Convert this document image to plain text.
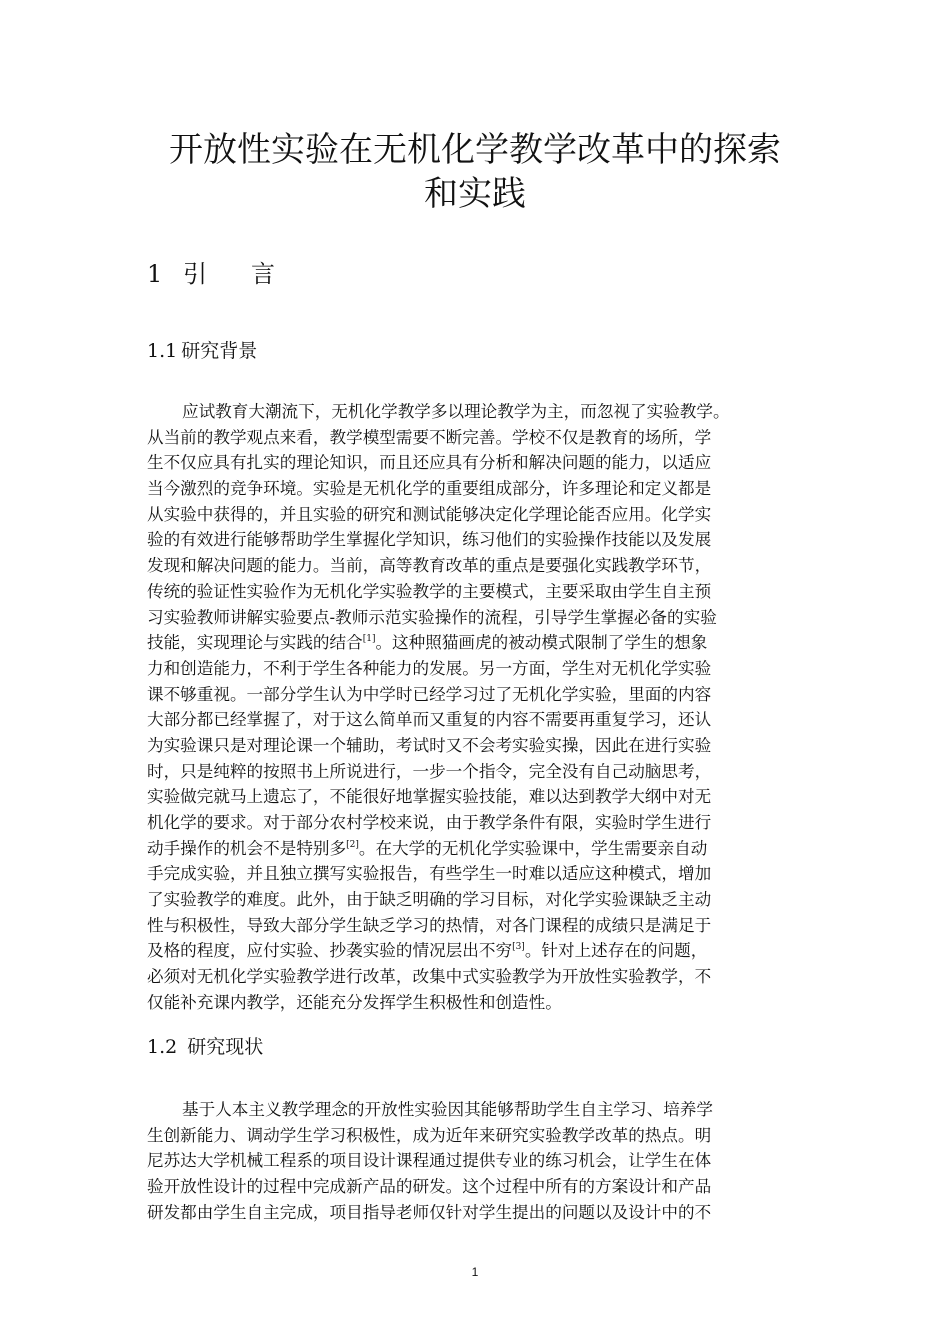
开放性实验在无机化学教学改革中的探索
和实践
1 引言
1.1 研究背景
应试教育大潮流下，无机化学教学多以理论教学为主，而忽视了实验教学。
从当前的教学观点来看，教学模型需要不断完善。学校不仅是教育的场所，学
生不仅应具有扎实的理论知识，而且还应具有分析和解决问题的能力，以适应
当今激烈的竞争环境。实验是无机化学的重要组成部分，许多理论和定义都是
从实验中获得的，并且实验的研究和测试能够决定化学理论能否应用。化学实
验的有效进行能够帮助学生掌握化学知识，练习他们的实验操作技能以及发展
发现和解决问题的能力。当前，高等教育改革的重点是要强化实践教学环节，
传统的验证性实验作为无机化学实验教学的主要模式，主要采取由学生自主预
习实验教师讲解实验要点-教师示范实验操作的流程，引导学生掌握必备的实验
技能，实现理论与实践的结合[1]。这种照猫画虎的被动模式限制了学生的想象
力和创造能力，不利于学生各种能力的发展。另一方面，学生对无机化学实验
课不够重视。一部分学生认为中学时已经学习过了无机化学实验，里面的内容
大部分都已经掌握了，对于这么简单而又重复的内容不需要再重复学习，还认
为实验课只是对理论课一个辅助，考试时又不会考实验实操，因此在进行实验
时，只是纯粹的按照书上所说进行，一步一个指令，完全没有自己动脑思考，
实验做完就马上遗忘了，不能很好地掌握实验技能，难以达到教学大纲中对无
机化学的要求。对于部分农村学校来说，由于教学条件有限，实验时学生进行
动手操作的机会不是特别多[2]。在大学的无机化学实验课中，学生需要亲自动
手完成实验，并且独立撰写实验报告，有些学生一时难以适应这种模式，增加
了实验教学的难度。此外，由于缺乏明确的学习目标，对化学实验课缺乏主动
性与积极性，导致大部分学生缺乏学习的热情，对各门课程的成绩只是满足于
及格的程度，应付实验、抄袭实验的情况层出不穷[3]。针对上述存在的问题，
必须对无机化学实验教学进行改革，改集中式实验教学为开放性实验教学，不
仅能补充课内教学，还能充分发挥学生积极性和创造性。
1.2 研究现状
基于人本主义教学理念的开放性实验因其能够帮助学生自主学习、培养学
生创新能力、调动学生学习积极性，成为近年来研究实验教学改革的热点。明
尼苏达大学机械工程系的项目设计课程通过提供专业的练习机会，让学生在体
验开放性设计的过程中完成新产品的研发。这个过程中所有的方案设计和产品
研发都由学生自主完成，项目指导老师仅针对学生提出的问题以及设计中的不
1
